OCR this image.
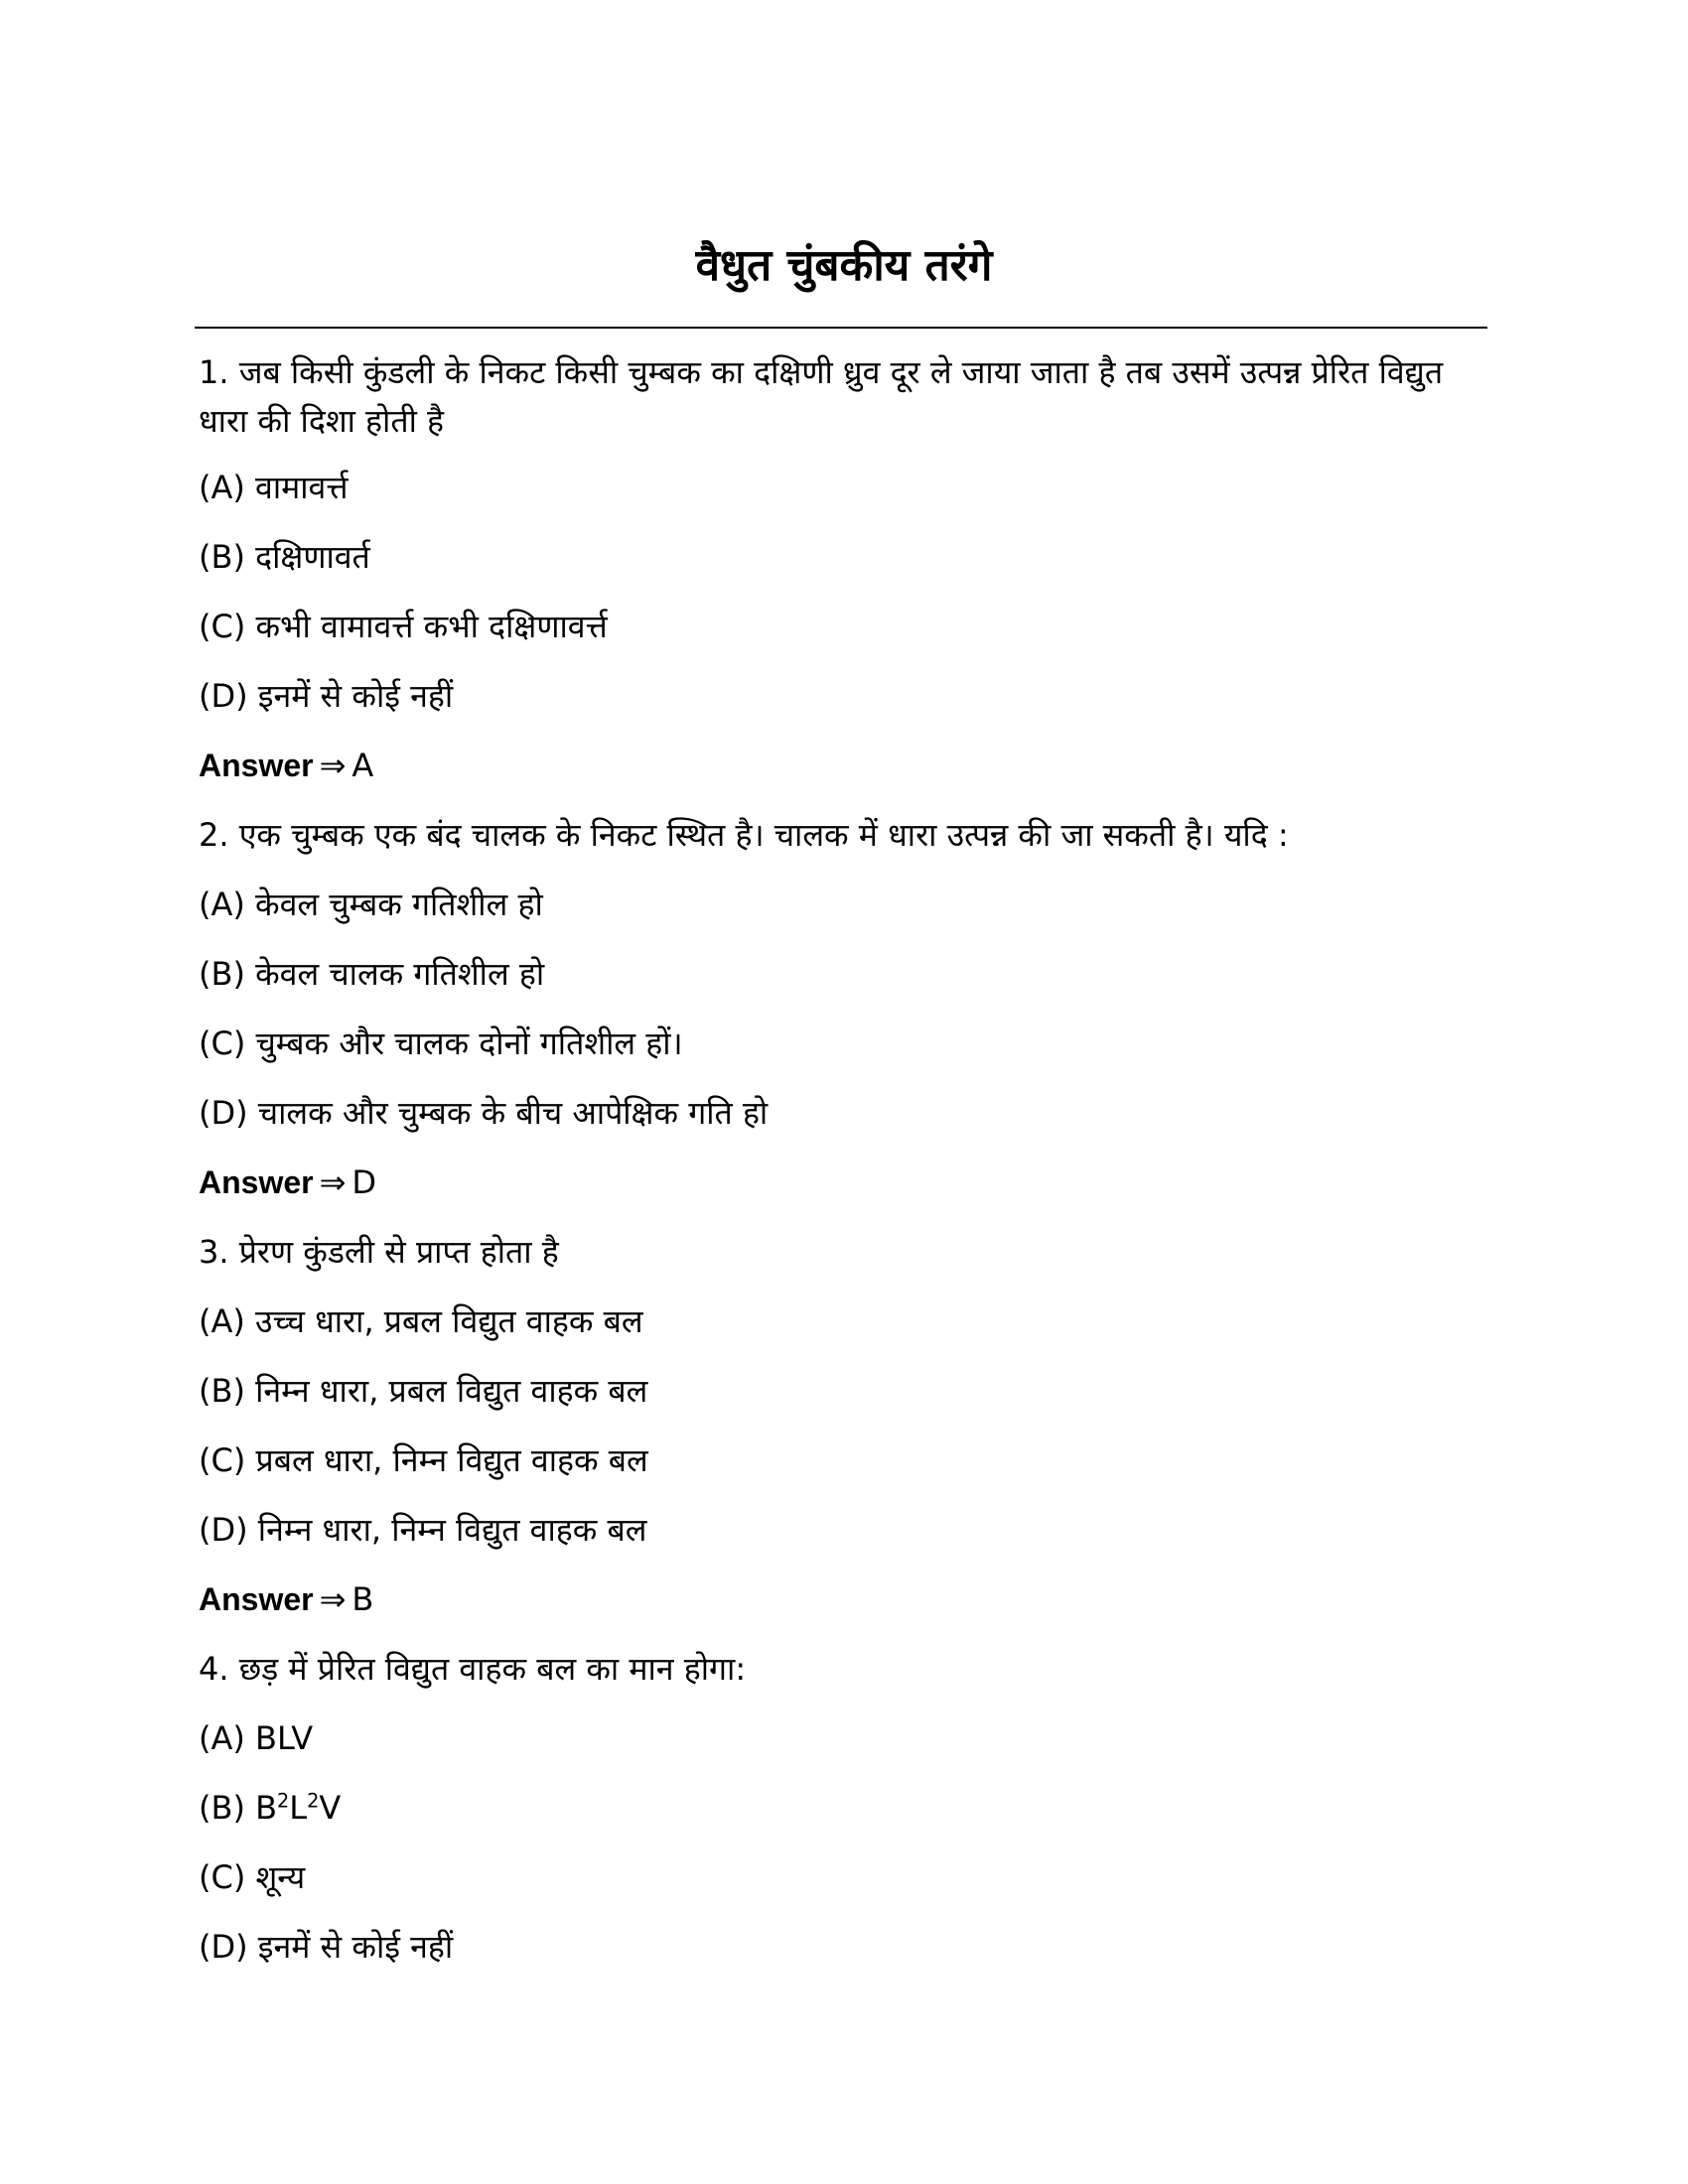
वैधुत चुंबकीय तरंगे

1. जब किसी कुंडली के निकट किसी चुम्बक का दक्षिणी ध्रुव दूर ले जाया जाता है तब उसमें उत्पन्न प्रेरित विद्युत धारा की दिशा होती है

(A) वामावर्त्त

(B) दक्षिणावर्त

(C) कभी वामावर्त्त कभी दक्षिणावर्त्त

(D) इनमें से कोई नहीं

Answer ⇒ A

2. एक चुम्बक एक बंद चालक के निकट स्थित है। चालक में धारा उत्पन्न की जा सकती है। यदि :

(A) केवल चुम्बक गतिशील हो

(B) केवल चालक गतिशील हो

(C) चुम्बक और चालक दोनों गतिशील हों।

(D) चालक और चुम्बक के बीच आपेक्षिक गति हो

Answer ⇒ D

3. प्रेरण कुंडली से प्राप्त होता है

(A) उच्च धारा, प्रबल विद्युत वाहक बल

(B) निम्न धारा, प्रबल विद्युत वाहक बल

(C) प्रबल धारा, निम्न विद्युत वाहक बल

(D) निम्न धारा, निम्न विद्युत वाहक बल

Answer ⇒ B

4. छड़ में प्रेरित विद्युत वाहक बल का मान होगा:

(A) BLV

(B) $B^2L^2V$

(C) शून्य

(D) इनमें से कोई नहीं
